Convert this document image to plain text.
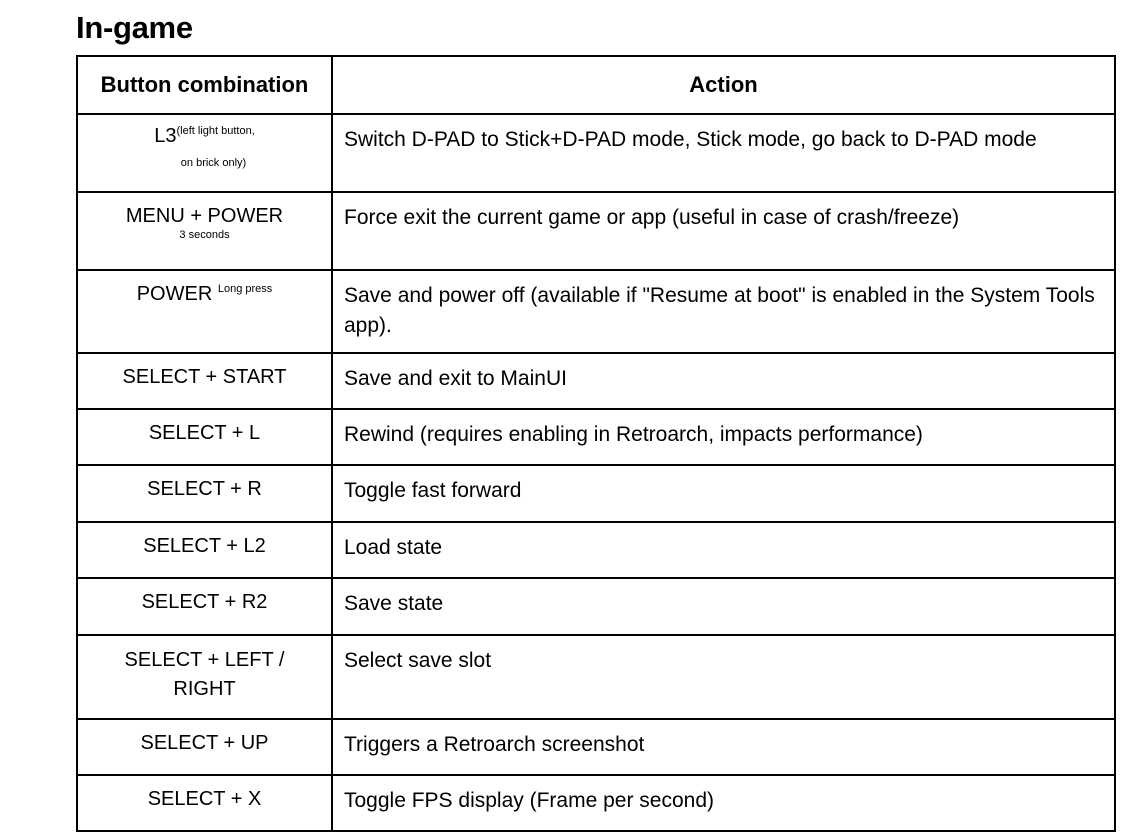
In-game
Button combination	Action
L3$^{(left light button,}$
on brick only)	Switch D-PAD to Stick+D-PAD mode, Stick mode, go back to D-PAD mode
MENU + POWER
3 seconds	Force exit the current game or app (useful in case of crash/freeze)
POWER $^{Long press}$	Save and power off (available if "Resume at boot" is enabled in the System Tools app).
SELECT + START	Save and exit to MainUI
SELECT + L	Rewind (requires enabling in Retroarch, impacts performance)
SELECT + R	Toggle fast forward
SELECT + L2	Load state
SELECT + R2	Save state
SELECT + LEFT / RIGHT	Select save slot
SELECT + UP	Triggers a Retroarch screenshot
SELECT + X	Toggle FPS display (Frame per second)
